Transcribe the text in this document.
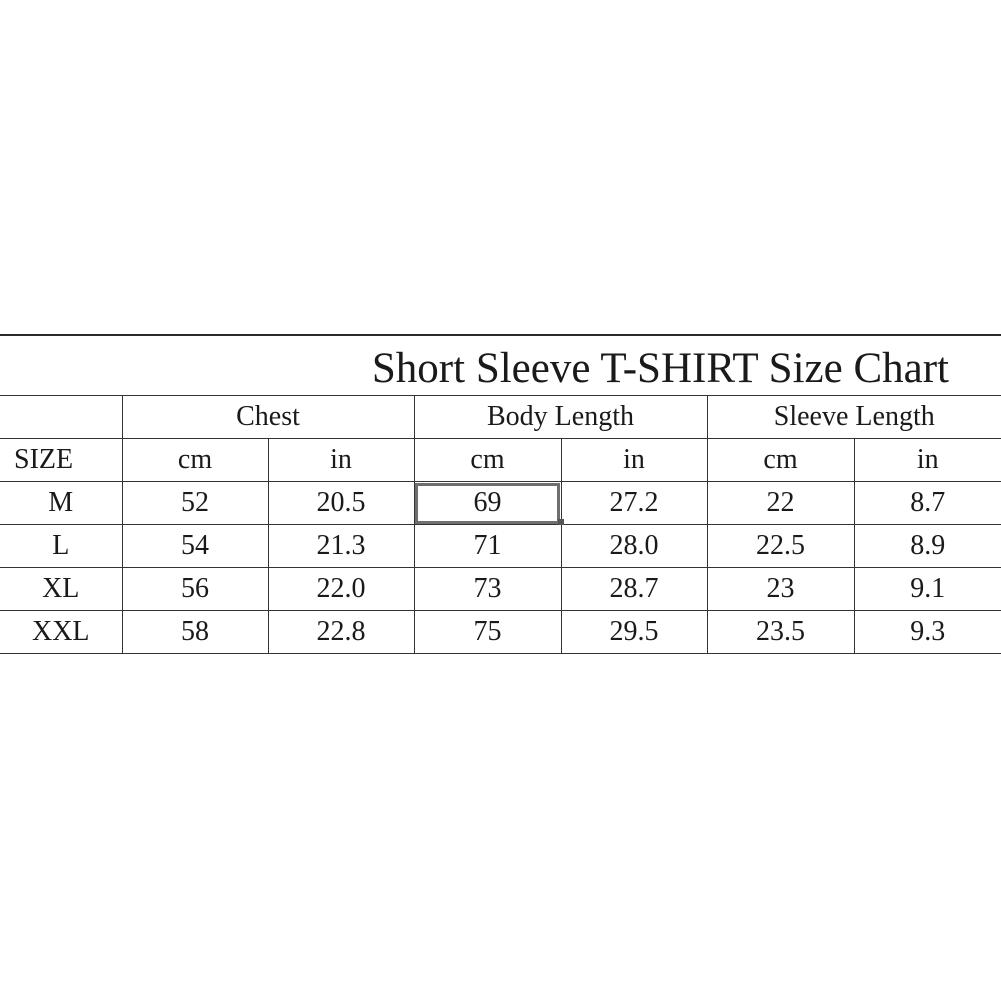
Short Sleeve T-SHIRT Size Chart
	Chest		Body Length		Sleeve Length	
SIZE	cm	in	cm	in	cm	in
M	52	20.5	69	27.2	22	8.7
L	54	21.3	71	28.0	22.5	8.9
XL	56	22.0	73	28.7	23	9.1
XXL	58	22.8	75	29.5	23.5	9.3
